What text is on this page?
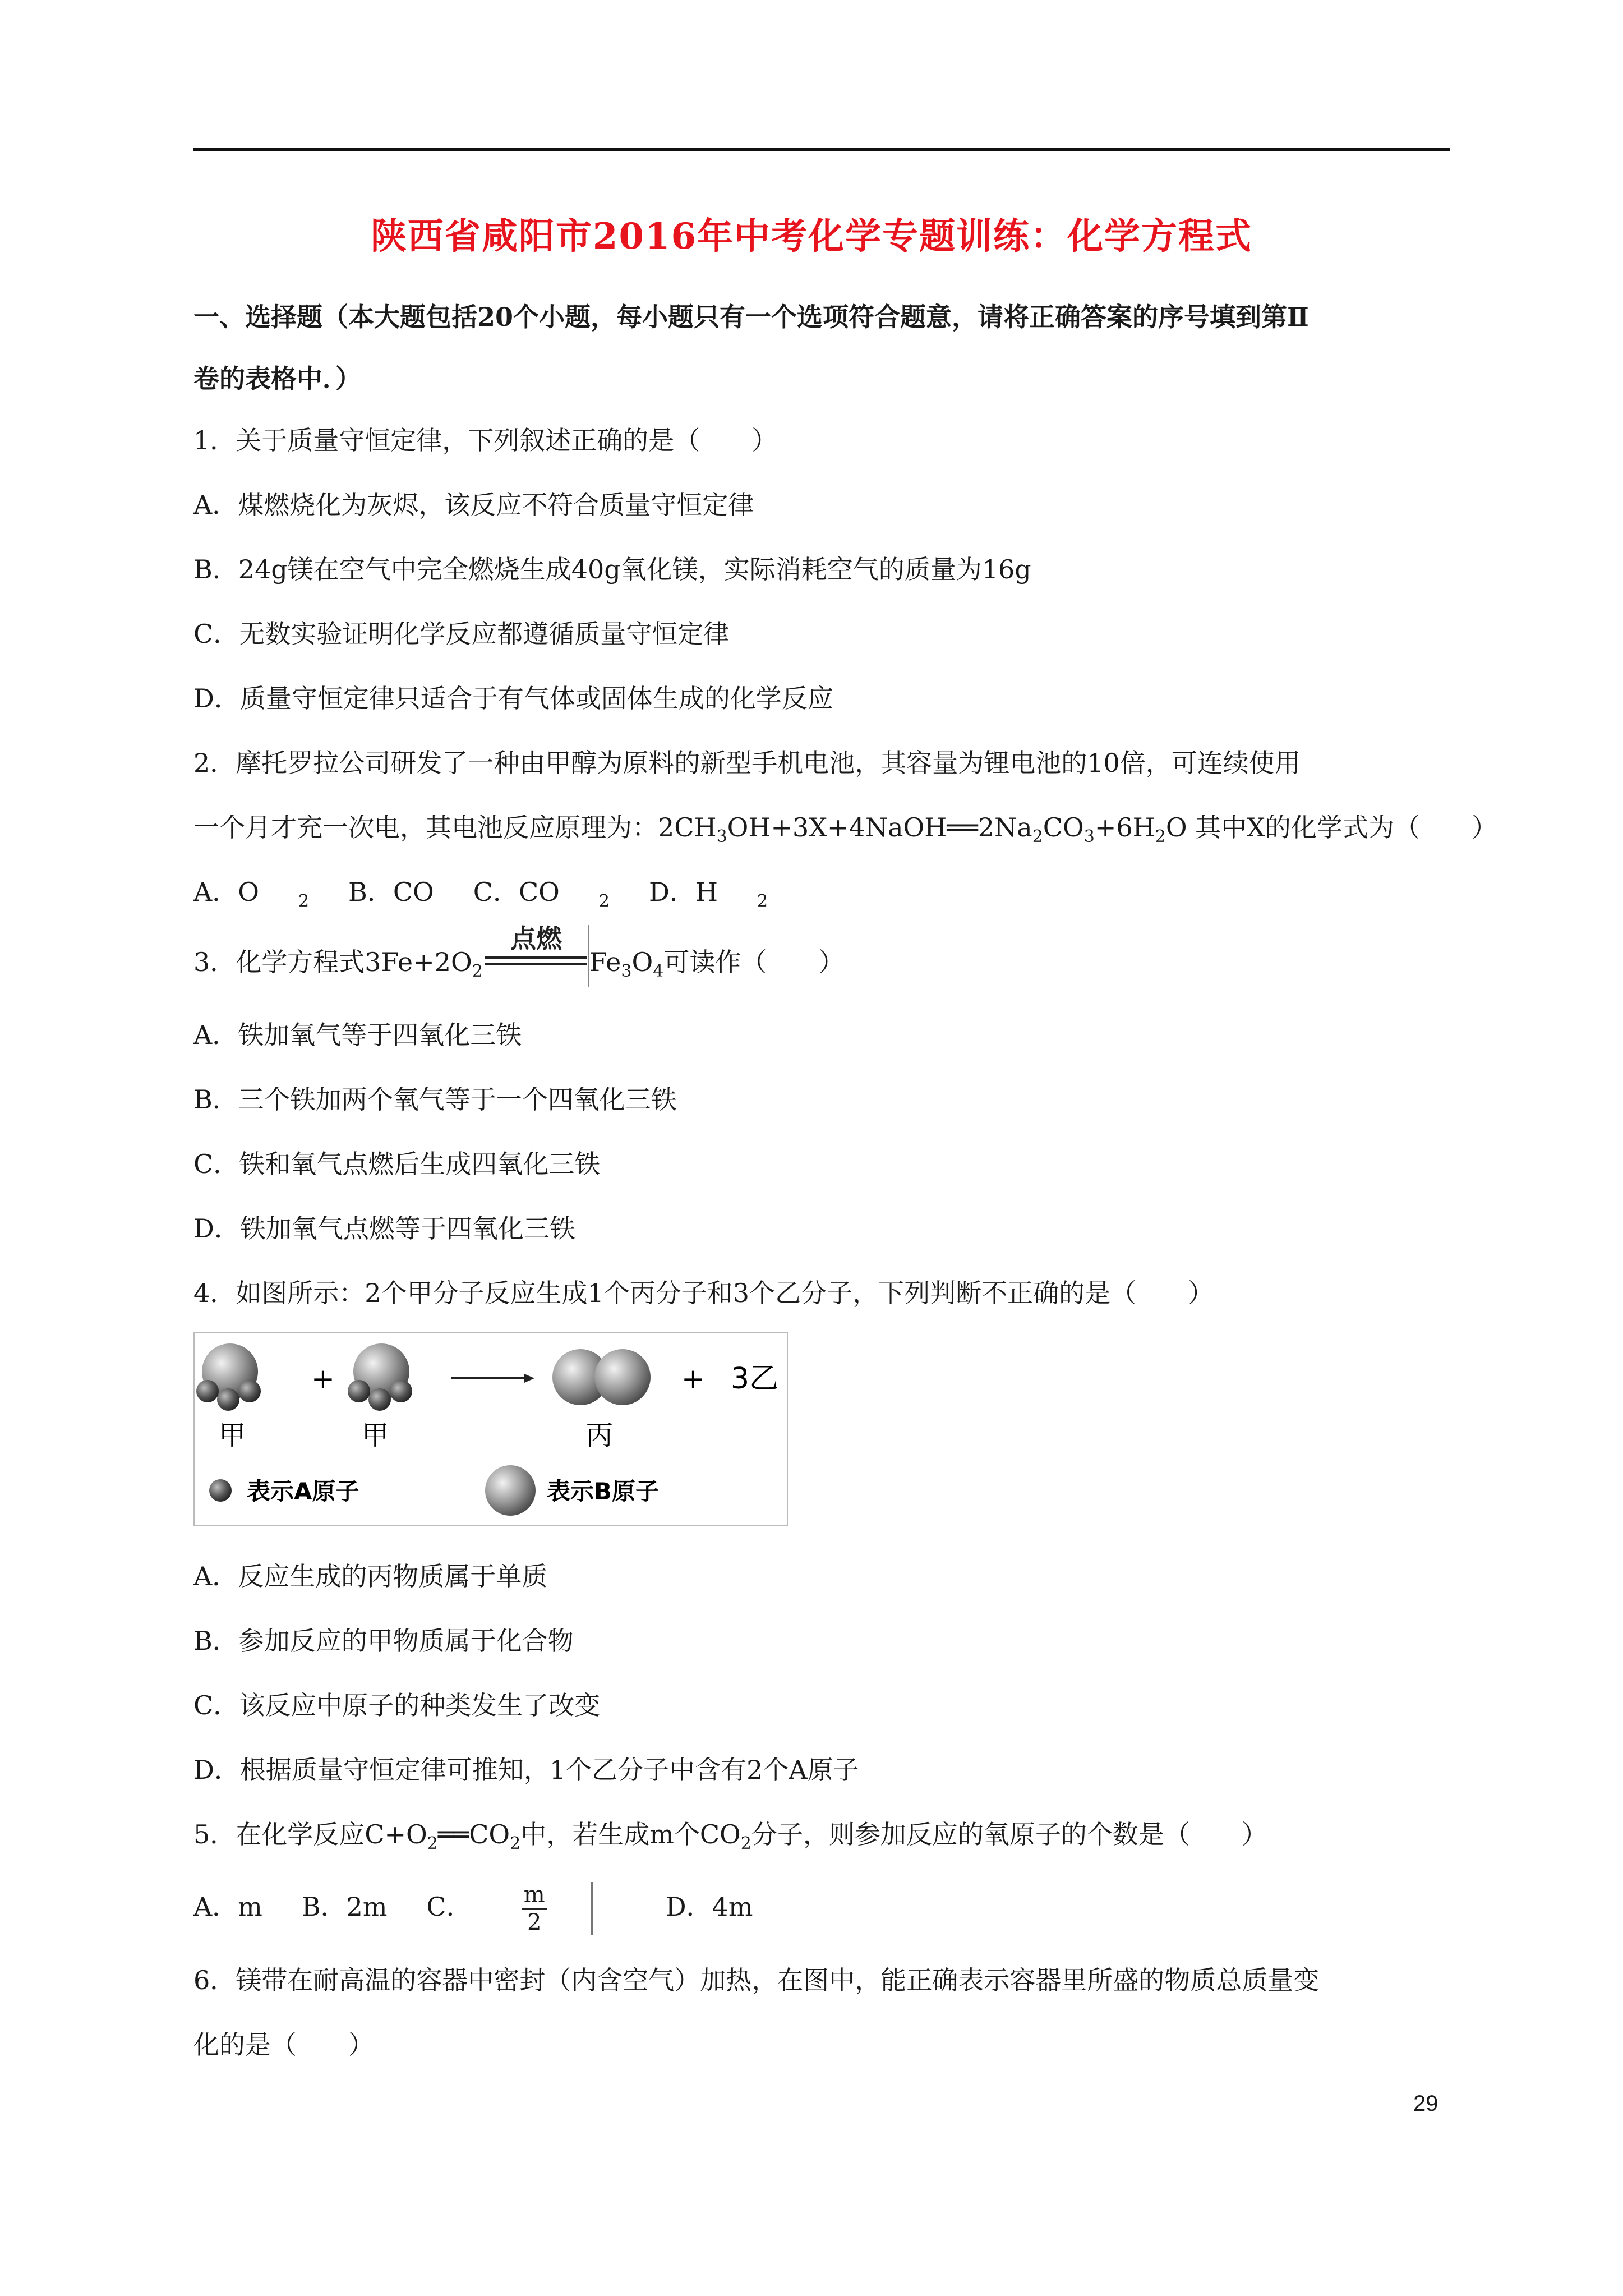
陕西省咸阳市2016年中考化学专题训练：化学方程式
一、选择题（本大题包括20个小题，每小题只有一个选项符合题意，请将正确答案的序号填到第Ⅱ
卷的表格中．）
1．关于质量守恒定律，下列叙述正确的是（　　）
A．煤燃烧化为灰烬，该反应不符合质量守恒定律
B．24g镁在空气中完全燃烧生成40g氧化镁，实际消耗空气的质量为16g
C．无数实验证明化学反应都遵循质量守恒定律
D．质量守恒定律只适合于有气体或固体生成的化学反应
2．摩托罗拉公司研发了一种由甲醇为原料的新型手机电池，其容量为锂电池的10倍，可连续使用
一个月才充一次电，其电池反应原理为：$2CH_3OH+3X+4NaOH══2Na_2CO_3+6H_2O$ 其中X的化学式为（　　）
A．O $_2$ B．CO C．CO $_2$ D．H $_2$
3．化学方程式$3Fe+2O_2$
点燃
$Fe_3O_4$可读作（　　）
A．铁加氧气等于四氧化三铁
B．三个铁加两个氧气等于一个四氧化三铁
C．铁和氧气点燃后生成四氧化三铁
D．铁加氧气点燃等于四氧化三铁
4．如图所示：2个甲分子反应生成1个丙分子和3个乙分子，下列判断不正确的是（　　）
+	+ 3乙
甲	甲	丙
表示A原子	表示B原子
A．反应生成的丙物质属于单质
B．参加反应的甲物质属于化合物
C．该反应中原子的种类发生了改变
D．根据质量守恒定律可推知，1个乙分子中含有2个A原子
5．在化学反应$C+O_2══CO_2$中，若生成m个$CO_2$分子，则参加反应的氧原子的个数是（　　）
A．m B．2m C． $\frac{m}{2}$	D．4m
6．镁带在耐高温的容器中密封（内含空气）加热，在图中，能正确表示容器里所盛的物质总质量变
化的是（　　）
29
